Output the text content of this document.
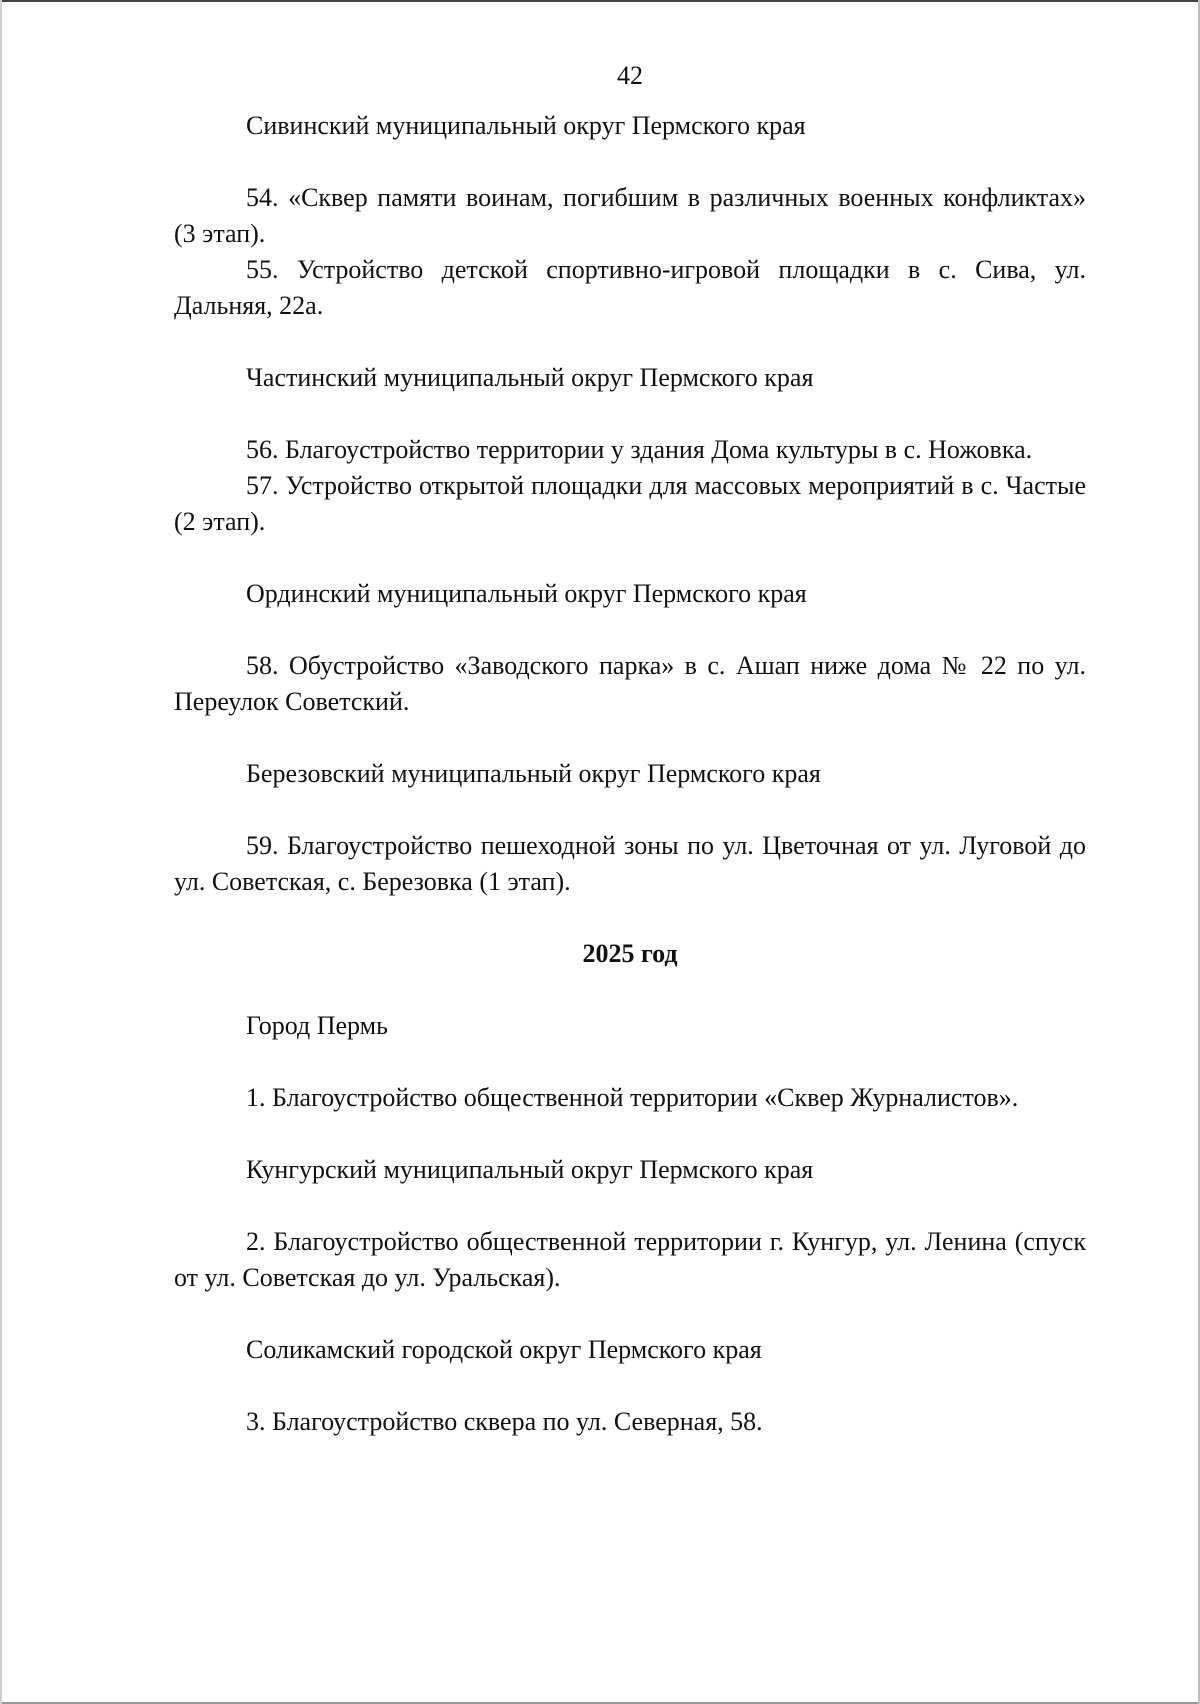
42

Сивинский муниципальный округ Пермского края

54. «Сквер памяти воинам, погибшим в различных военных конфликтах» (3 этап).

55. Устройство детской спортивно-игровой площадки в с. Сива, ул. Дальняя, 22а.

Частинский муниципальный округ Пермского края

56. Благоустройство территории у здания Дома культуры в с. Ножовка.

57. Устройство открытой площадки для массовых мероприятий в с. Частые (2 этап).

Ординский муниципальный округ Пермского края

58. Обустройство «Заводского парка» в с. Ашап ниже дома № 22 по ул. Переулок Советский.

Березовский муниципальный округ Пермского края

59. Благоустройство пешеходной зоны по ул. Цветочная от ул. Луговой до ул. Советская, с. Березовка (1 этап).

2025 год

Город Пермь

1. Благоустройство общественной территории «Сквер Журналистов».

Кунгурский муниципальный округ Пермского края

2. Благоустройство общественной территории г. Кунгур, ул. Ленина (спуск от ул. Советская до ул. Уральская).

Соликамский городской округ Пермского края

3. Благоустройство сквера по ул. Северная, 58.
